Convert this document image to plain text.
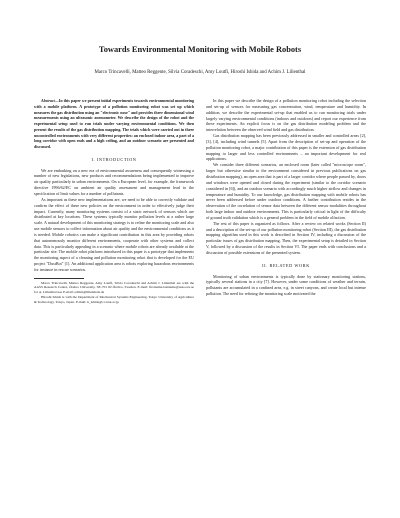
Towards Environmental Monitoring with Mobile Robots
Marco Trincavelli, Matteo Reggente, Silvia Coradeschi, Amy Loutfi, Hiroshi Ishida and Achim J. Lilienthal

Abstract—In this paper we present initial experiments towards environmental monitoring with a mobile platform. A prototype of a pollution monitoring robot was set up which measures the gas distribution using an "electronic nose" and provides three dimensional wind measurements using an ultrasonic anemometer. We describe the design of the robot and the experimental setup used to run trials under varying environmental conditions. We then present the results of the gas distribution mapping. The trials which were carried out in three uncontrolled environments with very different properties: an enclosed indoor area, a part of a long corridor with open ends and a high ceiling, and an outdoor scenario are presented and discussed.

I. INTRODUCTION

We are embarking on a new era of environmental awareness and consequently witnessing a number of new legislations, new products and recommendations being implemented to improve air quality particularly in urban environments. On a European level, for example, the framework directive 1996/62/EC on ambient air quality assessment and management lead to the specification of limit values for a number of pollutants.

As important as these new implementations are, we need to be able to correctly validate and confirm the effect of these new policies on the environment in order to effectively judge their impact. Currently, many monitoring systems consist of a static network of sensors which are distributed at key locations. These systems typically monitor pollution levels at a rather large scale. A natural development of this monitoring strategy is to refine the monitoring scale and also use mobile sensors to collect information about air quality and the environmental conditions as it is needed. Mobile robotics can make a significant contribution in this area by providing robots that autonomously monitor different environments, cooperate with other systems and collect data. This is particularly appealing in a scenario where mobile robots are already available at the particular site. The mobile robot platform introduced in this paper is a prototype that implements the monitoring aspect of a cleaning and pollution monitoring robot that is developed for the EU project "DustBot" [1]. An additional application area is robots exploring hazardous environments for instance in rescue scenarios.

Marco Trincavelli, Matteo Reggente, Amy Loutfi, Silvia Coradeschi and Achim J. Lilienthal are with the AASS Research Centre, Örebro University, SE-701 82 Örebro, Sweden. E-mail: firstname.lastname@aass.oru.se for A. Lilienthal use E-mail: achim@lilienthals.de

Hiroshi Ishida is with the Department of Mechanical Systems Engineering, Tokyo University of Agriculture & Technology, Tokyo, Japan. E-mail: h_ishida@cc.tuat.ac.jp

In this paper we describe the design of a pollution monitoring robot including the selection and set-up of sensors for measuring gas concentration, wind, temperature and humidity. In addition, we describe the experimental set-up that enabled us to run monitoring trials under largely varying environmental conditions (indoors and outdoors) and report our experience from these experiments. An explicit focus is on the gas distribution modeling problem and the interrelation between the observed wind field and gas distribution.

Gas distribution mapping has been previously addressed in smaller and controlled areas [2], [3], [4], including wind tunnels [5]. Apart from the description of set-up and operation of the pollution monitoring robot, a major contribution of this paper is the extension of gas distribution mapping to larger and less controlled environments – an important development for real applications.

We consider three different scenarios, an enclosed room (later called "microscope room", larger but otherwise similar to the environment considered in previous publications on gas distribution mapping), an open area that is part of a larger corridor where people passed by, doors and windows were opened and closed during the experiment (similar to the corridor scenario considered in [6]), and an outdoor scenario with accordingly much higher airflow and changes in temperature and humidity. To our knowledge, gas distribution mapping with mobile robots has never been addressed before under outdoor conditions. A further contribution resides in the observation of the correlation of sensor data between the different sensor modalities throughout both large indoor and outdoor environments. This is particularly critical in light of the difficulty of ground truth validation which is a general problem in the field of mobile olfaction.

The rest of this paper is organized as follows. After a review on related works (Section II) and a description of the set-up of our pollution monitoring robot (Section III), the gas distribution mapping algorithm used in this work is described in Section IV, including a discussion of the particular issues of gas distribution mapping. Then, the experimental setup is detailed in Section V, followed by a discussion of the results in Section VI. The paper ends with conclusions and a discussion of possible extensions of the presented system.

II. RELATED WORK

Monitoring of urban environments is typically done by stationary monitoring stations, typically several stations in a city [7]. However, under some conditions of weather and terrain, pollutants are accumulated in a confined area, e.g. in street canyons, and create local but intense pollution. The need for refining the monitoring scale motivated the
